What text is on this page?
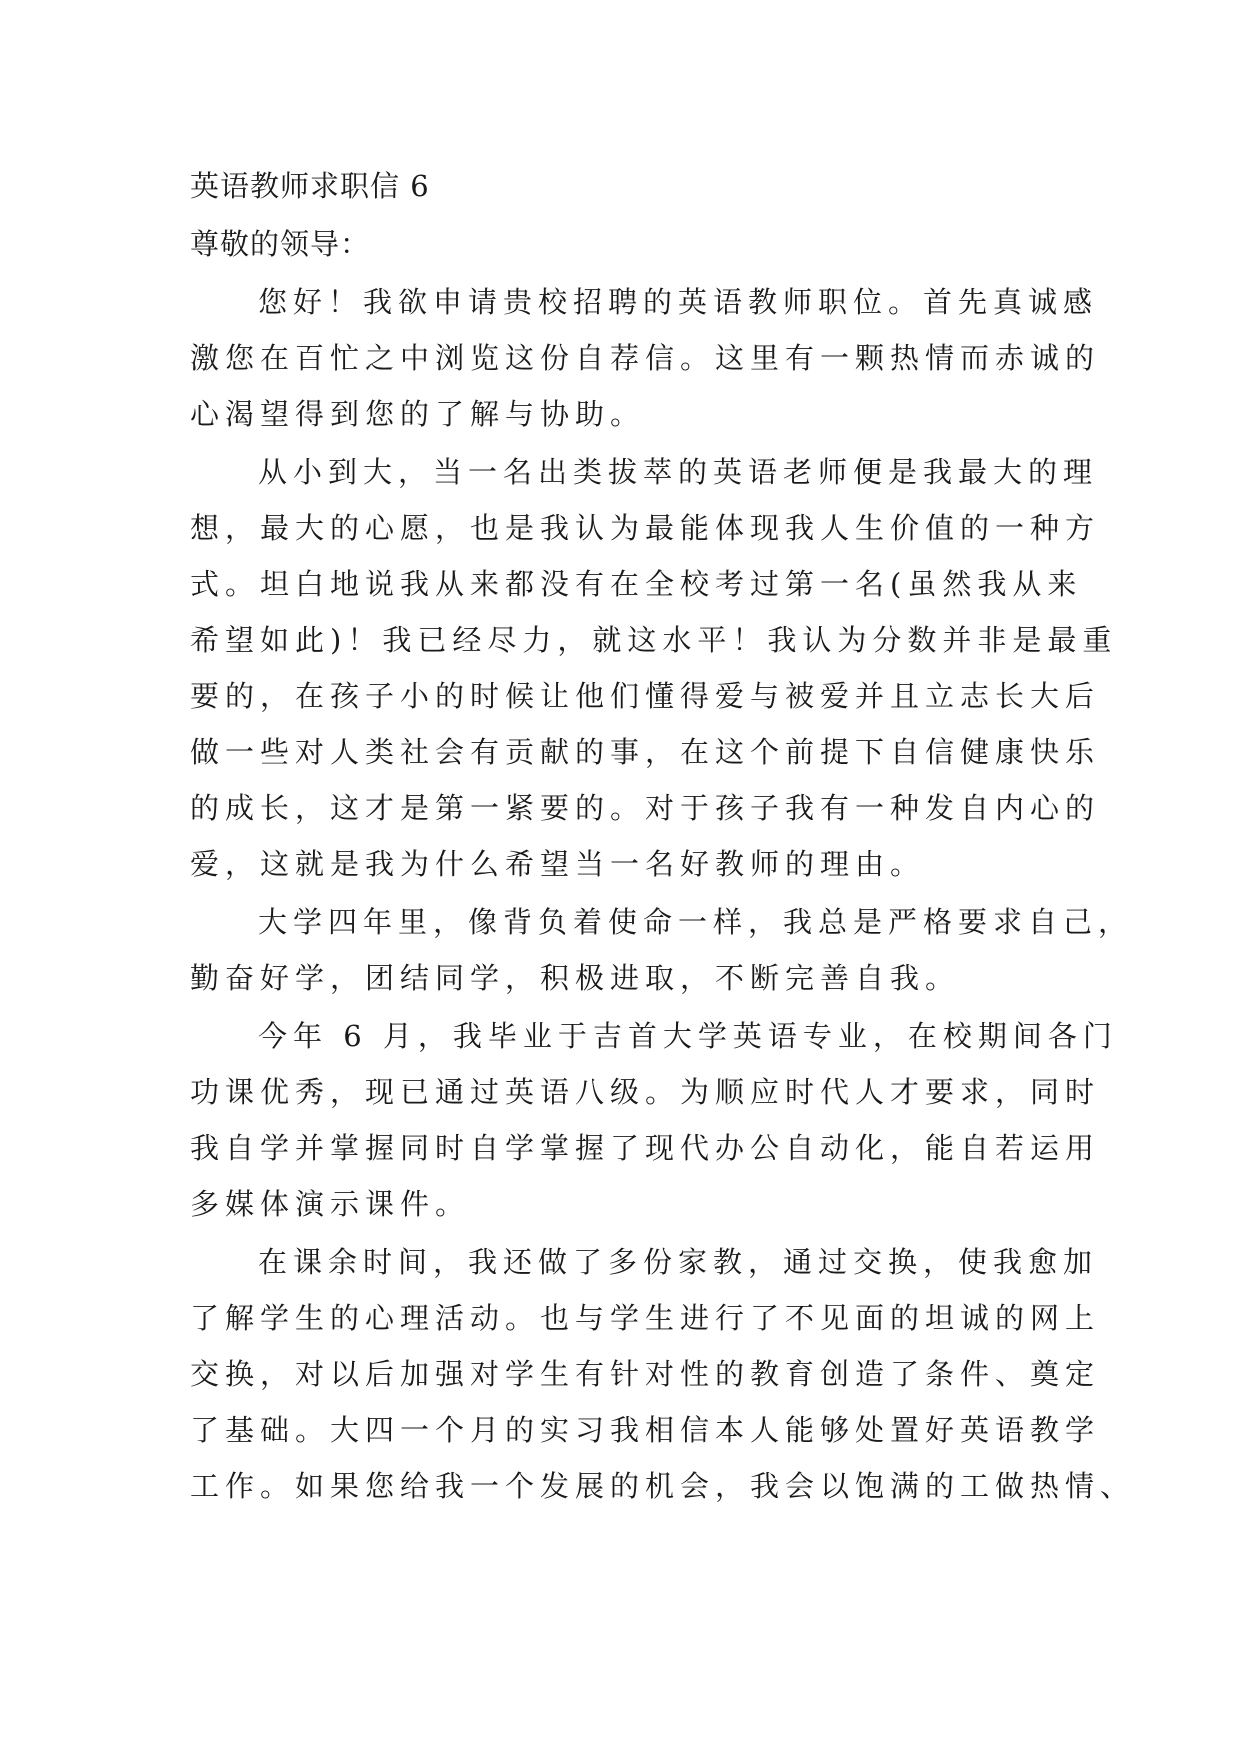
英语教师求职信 6
尊敬的领导：
您好！我欲申请贵校招聘的英语教师职位。首先真诚感
激您在百忙之中浏览这份自荐信。这里有一颗热情而赤诚的
心渴望得到您的了解与协助。
从小到大，当一名出类拔萃的英语老师便是我最大的理
想，最大的心愿，也是我认为最能体现我人生价值的一种方
式。坦白地说我从来都没有在全校考过第一名(虽然我从来
希望如此)！我已经尽力，就这水平！我认为分数并非是最重
要的，在孩子小的时候让他们懂得爱与被爱并且立志长大后
做一些对人类社会有贡献的事，在这个前提下自信健康快乐
的成长，这才是第一紧要的。对于孩子我有一种发自内心的
爱，这就是我为什么希望当一名好教师的理由。
大学四年里，像背负着使命一样，我总是严格要求自己，
勤奋好学，团结同学，积极进取，不断完善自我。
今年 6 月，我毕业于吉首大学英语专业，在校期间各门
功课优秀，现已通过英语八级。为顺应时代人才要求，同时
我自学并掌握同时自学掌握了现代办公自动化，能自若运用
多媒体演示课件。
在课余时间，我还做了多份家教，通过交换，使我愈加
了解学生的心理活动。也与学生进行了不见面的坦诚的网上
交换，对以后加强对学生有针对性的教育创造了条件、奠定
了基础。大四一个月的实习我相信本人能够处置好英语教学
工作。如果您给我一个发展的机会，我会以饱满的工做热情、
